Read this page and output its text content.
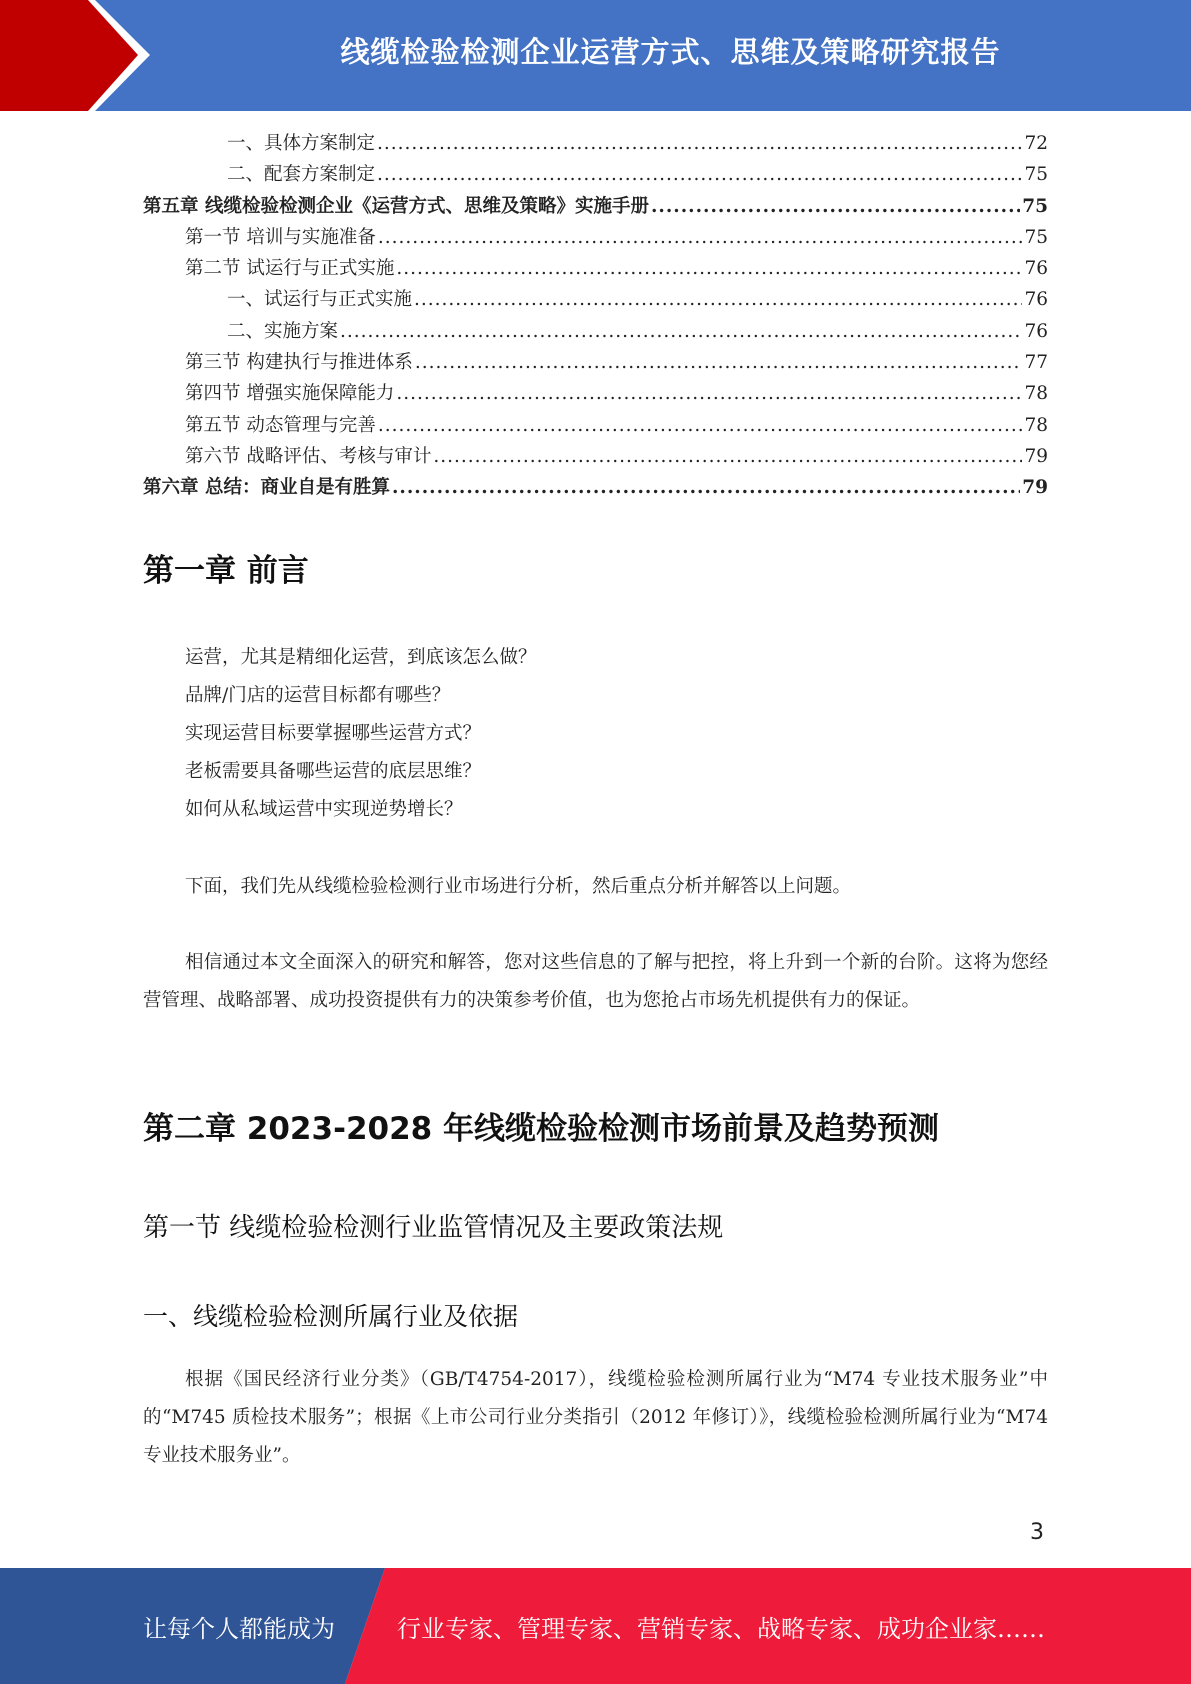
线缆检验检测企业运营方式、思维及策略研究报告
一、具体方案制定 .....	72
二、配套方案制定 .....	75
第五章 线缆检验检测企业《运营方式、思维及策略》实施手册 .....	75
第一节 培训与实施准备 .....	75
第二节 试运行与正式实施 .....	76
一、试运行与正式实施 .....	76
二、实施方案 .....	76
第三节 构建执行与推进体系 .....	77
第四节 增强实施保障能力 .....	78
第五节 动态管理与完善 .....	78
第六节 战略评估、考核与审计 .....	79
第六章 总结：商业自是有胜算 .....	79
第一章 前言
运营，尤其是精细化运营，到底该怎么做？
品牌/门店的运营目标都有哪些？
实现运营目标要掌握哪些运营方式？
老板需要具备哪些运营的底层思维？
如何从私域运营中实现逆势增长？
下面，我们先从线缆检验检测行业市场进行分析，然后重点分析并解答以上问题。
相信通过本文全面深入的研究和解答，您对这些信息的了解与把控，将上升到一个新的台阶。这将为您经营管理、战略部署、成功投资提供有力的决策参考价值，也为您抢占市场先机提供有力的保证。
第二章 2023-2028 年线缆检验检测市场前景及趋势预测
第一节 线缆检验检测行业监管情况及主要政策法规
一、线缆检验检测所属行业及依据
根据《国民经济行业分类》（GB/T4754-2017），线缆检验检测所属行业为“M74 专业技术服务业”中的“M745 质检技术服务”；根据《上市公司行业分类指引（2012 年修订）》，线缆检验检测所属行业为“M74 专业技术服务业”。
3
让每个人都能成为	行业专家、管理专家、营销专家、战略专家、成功企业家……
